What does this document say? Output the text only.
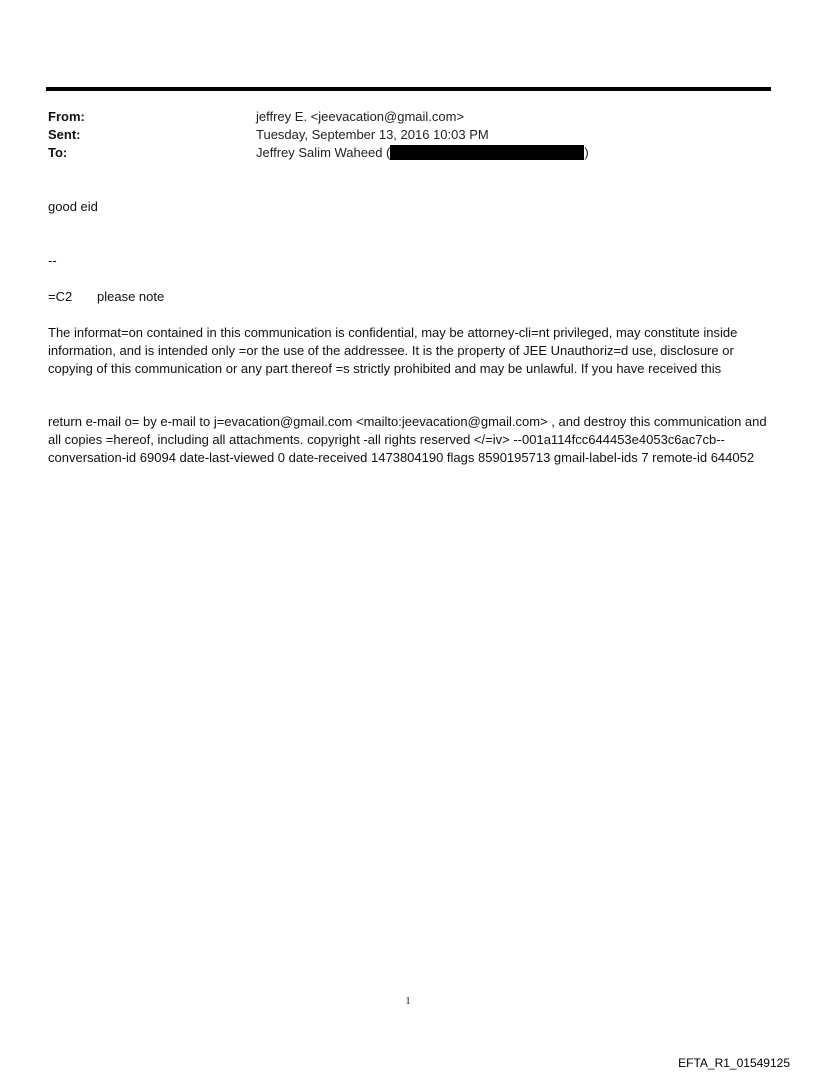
From:	jeffrey E. <jeevacation@gmail.com>
Sent:	Tuesday, September 13, 2016 10:03 PM
To:	Jeffrey Salim Waheed (	)
good eid
--
=C2 please note
The informat=on contained in this communication is confidential, may be attorney-cli=nt privileged, may constitute inside information, and is intended only =or the use of the addressee. It is the property of JEE Unauthoriz=d use, disclosure or copying of this communication or any part thereof =s strictly prohibited and may be unlawful. If you have received this
return e-mail o= by e-mail to j=evacation@gmail.com <mailto:jeevacation@gmail.com> , and destroy this communication and all copies =hereof, including all attachments. copyright -all rights reserved </=iv> --001a114fcc644453e4053c6ac7cb-- conversation-id 69094 date-last-viewed 0 date-received 1473804190 flags 8590195713 gmail-label-ids 7 remote-id 644052
1
EFTA_R1_01549125
